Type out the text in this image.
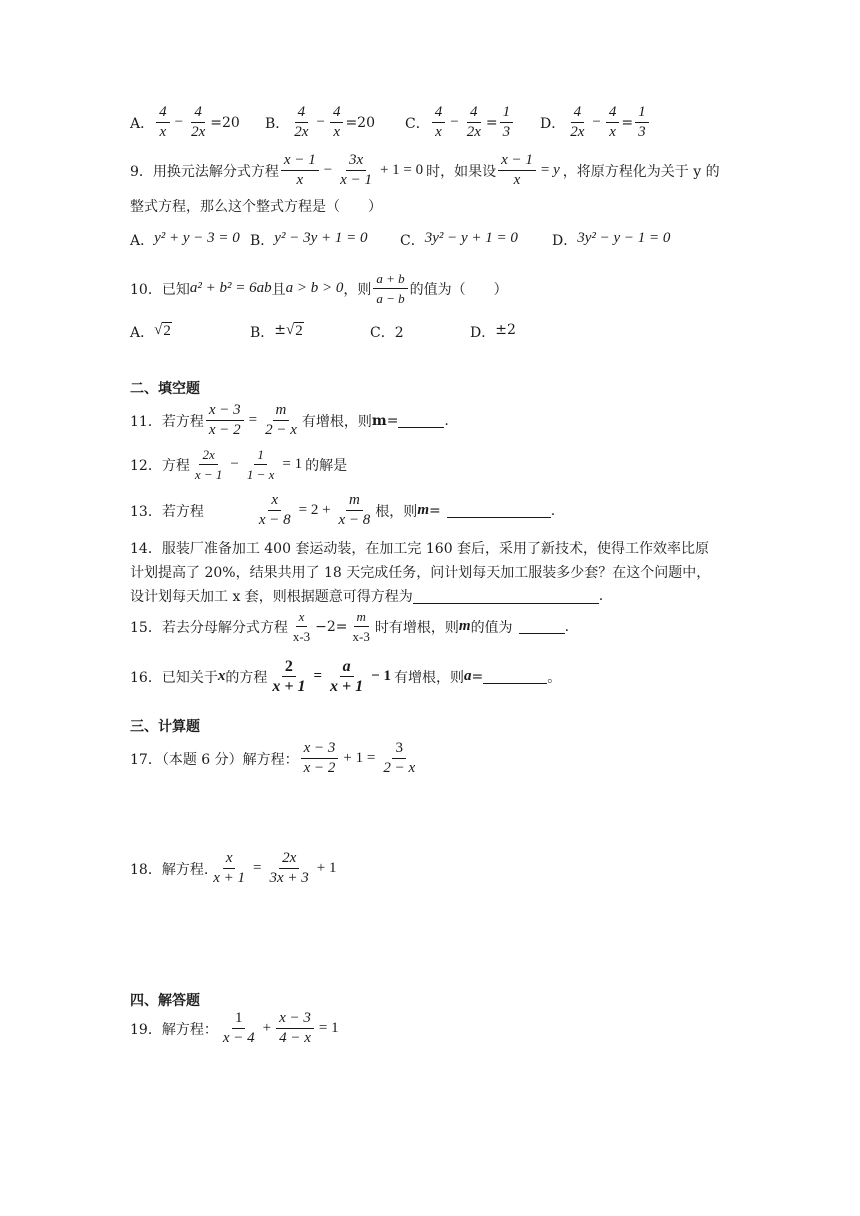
A． $\frac{4}{x} - \frac{4}{2x} =20$ B． $\frac{4}{2x} - \frac{4}{x} =20$ C． $\frac{4}{x} - \frac{4}{2x} = \frac{1}{3}$ D． $\frac{4}{2x} - \frac{4}{x} = \frac{1}{3}$
9．用换元法解分式方程 $\frac{x - 1}{x} - \frac{3x}{x - 1} + 1 = 0$ 时，如果设 $\frac{x - 1}{x} = y$ ，将原方程化为关于 y 的
整式方程，那么这个整式方程是（　　）
A． y² + y − 3 = 0 B． y² − 3y + 1 = 0 C． 3y² − y + 1 = 0 D． 3y² − y − 1 = 0
10．已知 a² + b² = 6ab 且 a > b > 0 ，则 $\frac{a + b}{a - b}$ 的值为（　　）
A． √ 2	B． ± √ 2	C．2	D． ±2
二、填空题
11．若方程 $\frac{x - 3}{x - 2} = \frac{m}{2 - x}$ 有增根，则 m =	.
12．方程 $\frac{2x}{x - 1} - \frac{1}{1 - x} = 1$ 的解是
13．若方程	$\frac{x}{x - 8} = 2 + \frac{m}{x - 8}$ 根，则 m =	.
14．服装厂准备加工 400 套运动装，在加工完 160 套后，采用了新技术，使得工作效率比原
计划提高了 20%，结果共用了 18 天完成任务，问计划每天加工服装多少套？在这个问题中，
设计划每天加工 x 套，则根据题意可得方程为	.
15．若去分母解分式方程 $\frac{x}{x-3} -2= \frac{m}{x-3}$ 时有增根，则 m 的值为	.
16．已知关于 x 的方程 $\frac{2}{x + 1} = \frac{a}{x + 1} - 1$ 有增根，则 a =	。
三、计算题
17．（本题 6 分）解方程： $\frac{x - 3}{x - 2} + 1 = \frac{3}{2 - x}$
18．解方程. $\frac{x}{x + 1} = \frac{2x}{3x + 3} + 1$
四、解答题
19．解方程： $\frac{1}{x - 4} + \frac{x - 3}{4 - x} = 1$
